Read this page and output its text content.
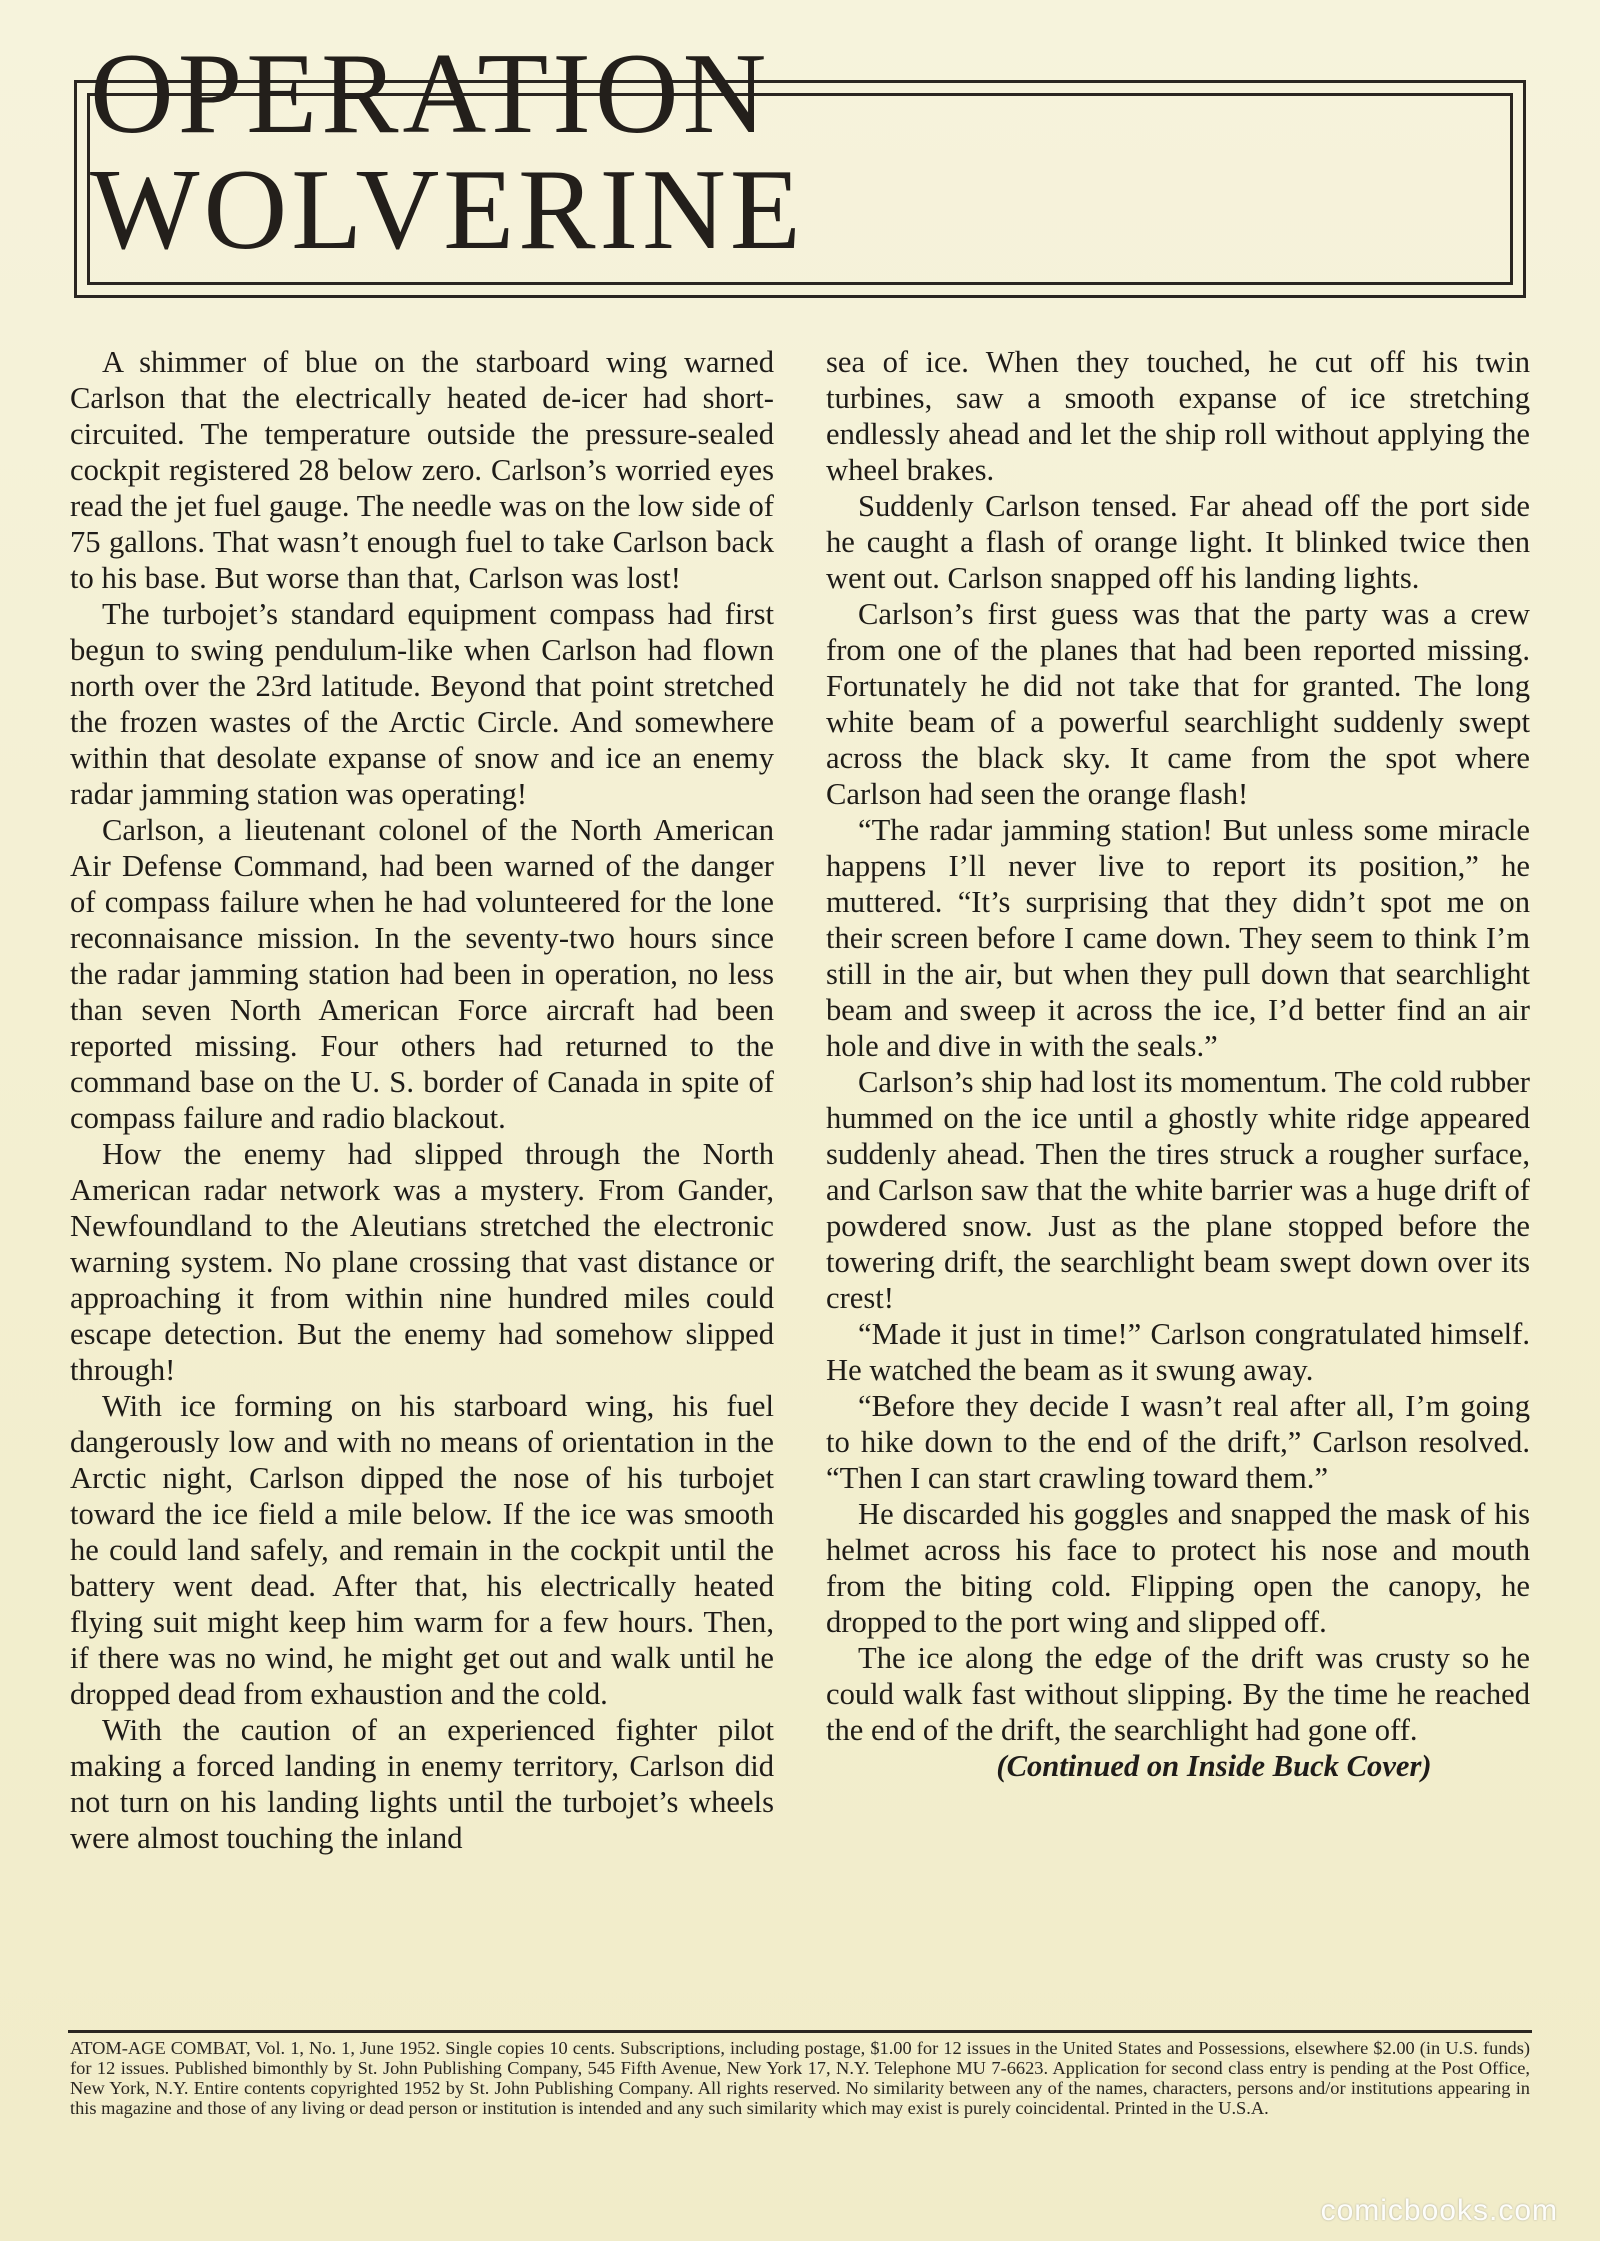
OPERATION WOLVERINE

A shimmer of blue on the starboard wing warned Carlson that the electrically heated de-icer had short-circuited. The temperature outside the pressure-sealed cockpit registered 28 below zero. Carlson’s worried eyes read the jet fuel gauge. The needle was on the low side of 75 gallons. That wasn’t enough fuel to take Carlson back to his base. But worse than that, Carlson was lost!

The turbojet’s standard equipment compass had first begun to swing pendulum-like when Carlson had flown north over the 23rd latitude. Beyond that point stretched the frozen wastes of the Arctic Circle. And somewhere within that desolate expanse of snow and ice an enemy radar jamming station was operating!

Carlson, a lieutenant colonel of the North American Air Defense Command, had been warned of the danger of compass failure when he had volunteered for the lone reconnaisance mission. In the seventy-two hours since the radar jamming station had been in operation, no less than seven North American Force aircraft had been reported missing. Four others had returned to the command base on the U. S. border of Canada in spite of compass failure and radio blackout.

How the enemy had slipped through the North American radar network was a mystery. From Gander, Newfoundland to the Aleutians stretched the electronic warning system. No plane crossing that vast distance or approaching it from within nine hundred miles could escape detection. But the enemy had somehow slipped through!

With ice forming on his starboard wing, his fuel dangerously low and with no means of orientation in the Arctic night, Carlson dipped the nose of his turbojet toward the ice field a mile below. If the ice was smooth he could land safely, and remain in the cockpit until the battery went dead. After that, his electrically heated flying suit might keep him warm for a few hours. Then, if there was no wind, he might get out and walk until he dropped dead from exhaustion and the cold.

With the caution of an experienced fighter pilot making a forced landing in enemy territory, Carlson did not turn on his landing lights until the turbojet’s wheels were almost touching the inland

sea of ice. When they touched, he cut off his twin turbines, saw a smooth expanse of ice stretching endlessly ahead and let the ship roll without applying the wheel brakes.

Suddenly Carlson tensed. Far ahead off the port side he caught a flash of orange light. It blinked twice then went out. Carlson snapped off his landing lights.

Carlson’s first guess was that the party was a crew from one of the planes that had been reported missing. Fortunately he did not take that for granted. The long white beam of a powerful searchlight suddenly swept across the black sky. It came from the spot where Carlson had seen the orange flash!

“The radar jamming station! But unless some miracle happens I’ll never live to report its position,” he muttered. “It’s surprising that they didn’t spot me on their screen before I came down. They seem to think I’m still in the air, but when they pull down that searchlight beam and sweep it across the ice, I’d better find an air hole and dive in with the seals.”

Carlson’s ship had lost its momentum. The cold rubber hummed on the ice until a ghostly white ridge appeared suddenly ahead. Then the tires struck a rougher surface, and Carlson saw that the white barrier was a huge drift of powdered snow. Just as the plane stopped before the towering drift, the searchlight beam swept down over its crest!

“Made it just in time!” Carlson congratulated himself. He watched the beam as it swung away.

“Before they decide I wasn’t real after all, I’m going to hike down to the end of the drift,” Carlson resolved. “Then I can start crawling toward them.”

He discarded his goggles and snapped the mask of his helmet across his face to protect his nose and mouth from the biting cold. Flipping open the canopy, he dropped to the port wing and slipped off.

The ice along the edge of the drift was crusty so he could walk fast without slipping. By the time he reached the end of the drift, the searchlight had gone off.

(Continued on Inside Buck Cover)

ATOM-AGE COMBAT, Vol. 1, No. 1, June 1952. Single copies 10 cents. Subscriptions, including postage, $1.00 for 12 issues in the United States and Possessions, elsewhere $2.00 (in U.S. funds) for 12 issues. Published bimonthly by St. John Publishing Company, 545 Fifth Avenue, New York 17, N.Y. Telephone MU 7-6623. Application for second class entry is pending at the Post Office, New York, N.Y. Entire contents copyrighted 1952 by St. John Publishing Company. All rights reserved. No similarity between any of the names, characters, persons and/or institutions appearing in this magazine and those of any living or dead person or institution is intended and any such similarity which may exist is purely coincidental. Printed in the U.S.A.
comicbooks.com
